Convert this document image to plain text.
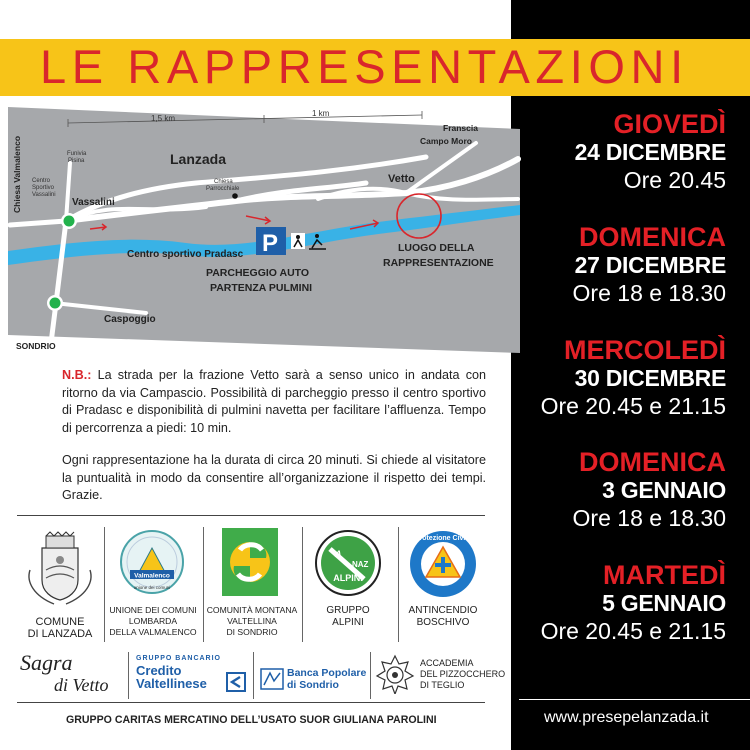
LE RAPPRESENTAZIONI
1,5 km
1 km
Chiesa Valmalenco	Funivia Pisina
Centro Sportivo Vassalini
Vassalini
Lanzada
Chiesa Parrocchiale
Franscia
Campo Moro
Vetto
Centro sportivo Pradasc P
PARCHEGGIO AUTO PARTENZA PULMINI
LUOGO DELLA RAPPRESENTAZIONE
Caspoggio
SONDRIO
N.B.: La strada per la frazione Vetto sarà a senso unico in andata con ritorno da via Campascio. Possibilità di parcheggio presso il centro sportivo di Pradasc e disponibilità di pulmini navetta per facilitare l’affluenza. Tempo di percorrenza a piedi: 10 min.
Ogni rappresentazione ha la durata di circa 20 minuti. Si chiede al visitatore la puntualità in modo da consentire all’organizzazione il rispetto dei tempi. Grazie.
COMUNE
DI LANZADA
Valmalenco
unione dei comuni
UNIONE DEI COMUNI
LOMBARDA
DELLA VALMALENCO
COMUNITÀ MONTANA
VALTELLINA
DI SONDRIO
A
NAZ
ALPINI
GRUPPO
ALPINI
Protezione Civile
ANTINCENDIO
BOSCHIVO
Sagra
di Vetto
GRUPPO BANCARIO
Credito
Valtellinese
Banca Popolare
di Sondrio
ACCADEMIA
DEL PIZZOCCHERO
DI TEGLIO
GRUPPO CARITAS MERCATINO DELL’USATO SUOR GIULIANA PAROLINI
GIOVEDÌ
24 DICEMBRE
Ore 20.45
DOMENICA
27 DICEMBRE
Ore 18 e 18.30
MERCOLEDÌ
30 DICEMBRE
Ore 20.45 e 21.15
DOMENICA
3 GENNAIO
Ore 18 e 18.30
MARTEDÌ
5 GENNAIO
Ore 20.45 e 21.15
www.presepelanzada.it
